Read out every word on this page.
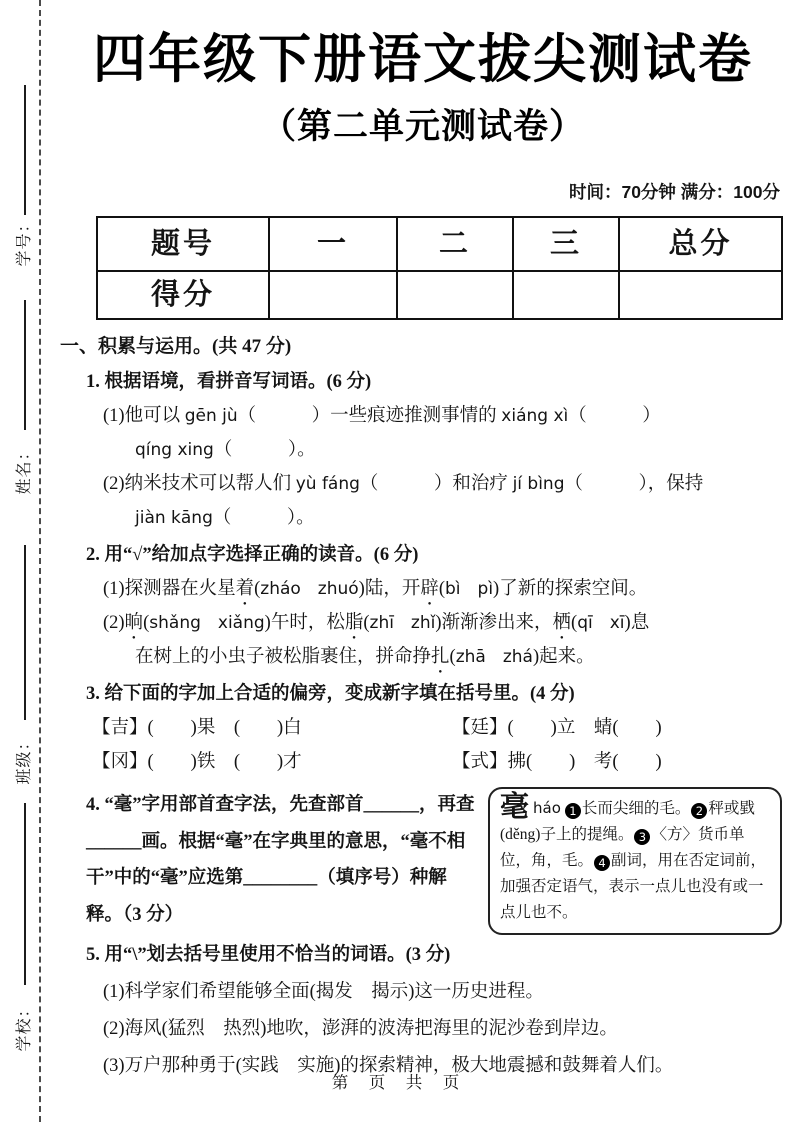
学号：
姓名：
班级：
学校：
四年级下册语文拔尖测试卷
（第二单元测试卷）
时间：70分钟 满分：100分
题号	一	二	三	总分
得分
一、积累与运用。(共 47 分)
1. 根据语境，看拼音写词语。(6 分)
(1)他可以 gēn jù（　　　）一些痕迹推测事情的 xiáng xì（　　　）
qíng xing（　　　）。
(2)纳米技术可以帮人们 yù fáng（　　　）和治疗 jí bìng（　　　），保持
jiàn kāng（　　　）。
2. 用“√”给加点字选择正确的读音。(6 分)
(1)探测器在火星着 ●(zháo　zhuó)陆，开辟 ●(bì　pì)了新的探索空间。
(2)晌 ●(shǎng　xiǎng)午时，松脂 ●(zhī　zhǐ)渐渐渗出来，栖 ●(qī　xī)息
在树上的小虫子被松脂裹住，拼命挣扎 ●(zhā　zhá)起来。
3. 给下面的字加上合适的偏旁，变成新字填在括号里。(4 分)
【吉】(　　)果　(　　)白	【廷】(　　)立　蜻(　　)
【冈】(　　)铁　(　　)才	【式】拂(　　)　考(　　)
4. “毫”字用部首查字法，先查部首______，再查______画。根据“毫”在字典里的意思，“毫不相干”中的“毫”应选第________（填序号）种解释。（3 分）
毫háo 1 长而尖细的毛。 2 秤或戥(děng)子上的提绳。 3 〈方〉货币单位，角，毛。 4 副词，用在否定词前，加强否定语气，表示一点儿也没有或一点儿也不。
5. 用“\”划去括号里使用不恰当的词语。(3 分)
(1)科学家们希望能够全面(揭发　揭示)这一历史进程。
(2)海风(猛烈　热烈)地吹，澎湃的波涛把海里的泥沙卷到岸边。
(3)万户那种勇于(实践　实施)的探索精神，极大地震撼和鼓舞着人们。
第　页　共　页
